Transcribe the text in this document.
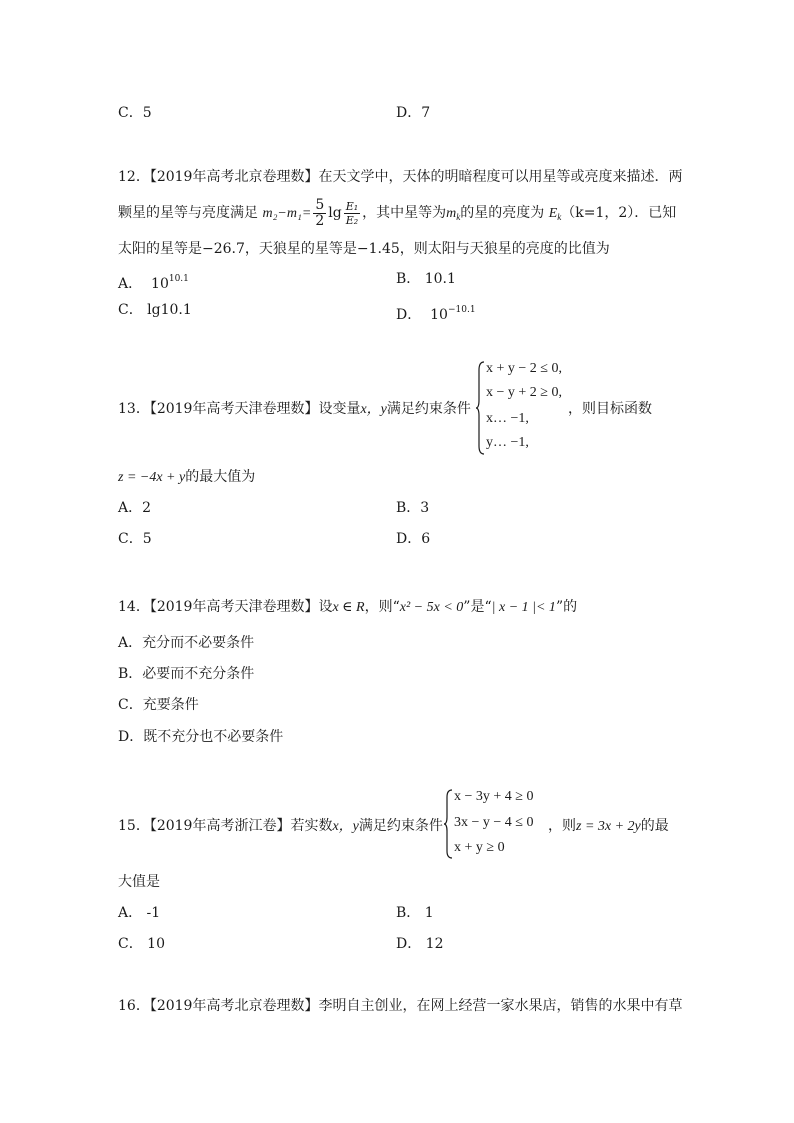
C．5	D．7
12．【2019年高考北京卷理数】在天文学中，天体的明暗程度可以用星等或亮度来描述．两
颗星的星等与亮度满足 $m_2-m_1= \frac{5}{2}$ $\lg \frac{\text{E₁}}{\text{E₂}}$ ，其中星等为$m_k$的星的亮度为 $E_k(k=1$，2）．已知
太阳的星等是−26.7，天狼星的星等是−1.45，则太阳与天狼星的亮度的比值为
A． $10^{10.1}$	B． 10.1
C． lg10.1	D． $10^{-10.1}$
13．【2019年高考天津卷理数】设变量x，y满足约束条件
x + y − 2 ≤ 0,
x − y + 2 ≥ 0,
x… −1,
y… −1,
，则目标函数
z = −4x + y的最大值为
A．2	B．3
C．5	D．6
14．【2019年高考天津卷理数】设x ∈ R，则“x² − 5x < 0”是“| x − 1 |< 1”的
A．充分而不必要条件
B．必要而不充分条件
C．充要条件
D．既不充分也不必要条件
15．【2019年高考浙江卷】若实数x，y满足约束条件
x − 3y + 4 ≥ 0
3x − y − 4 ≤ 0
x + y ≥ 0
，则z = 3x + 2y的最
大值是
A． -1	B． 1
C． 10	D． 12
16．【2019年高考北京卷理数】李明自主创业，在网上经营一家水果店，销售的水果中有草
